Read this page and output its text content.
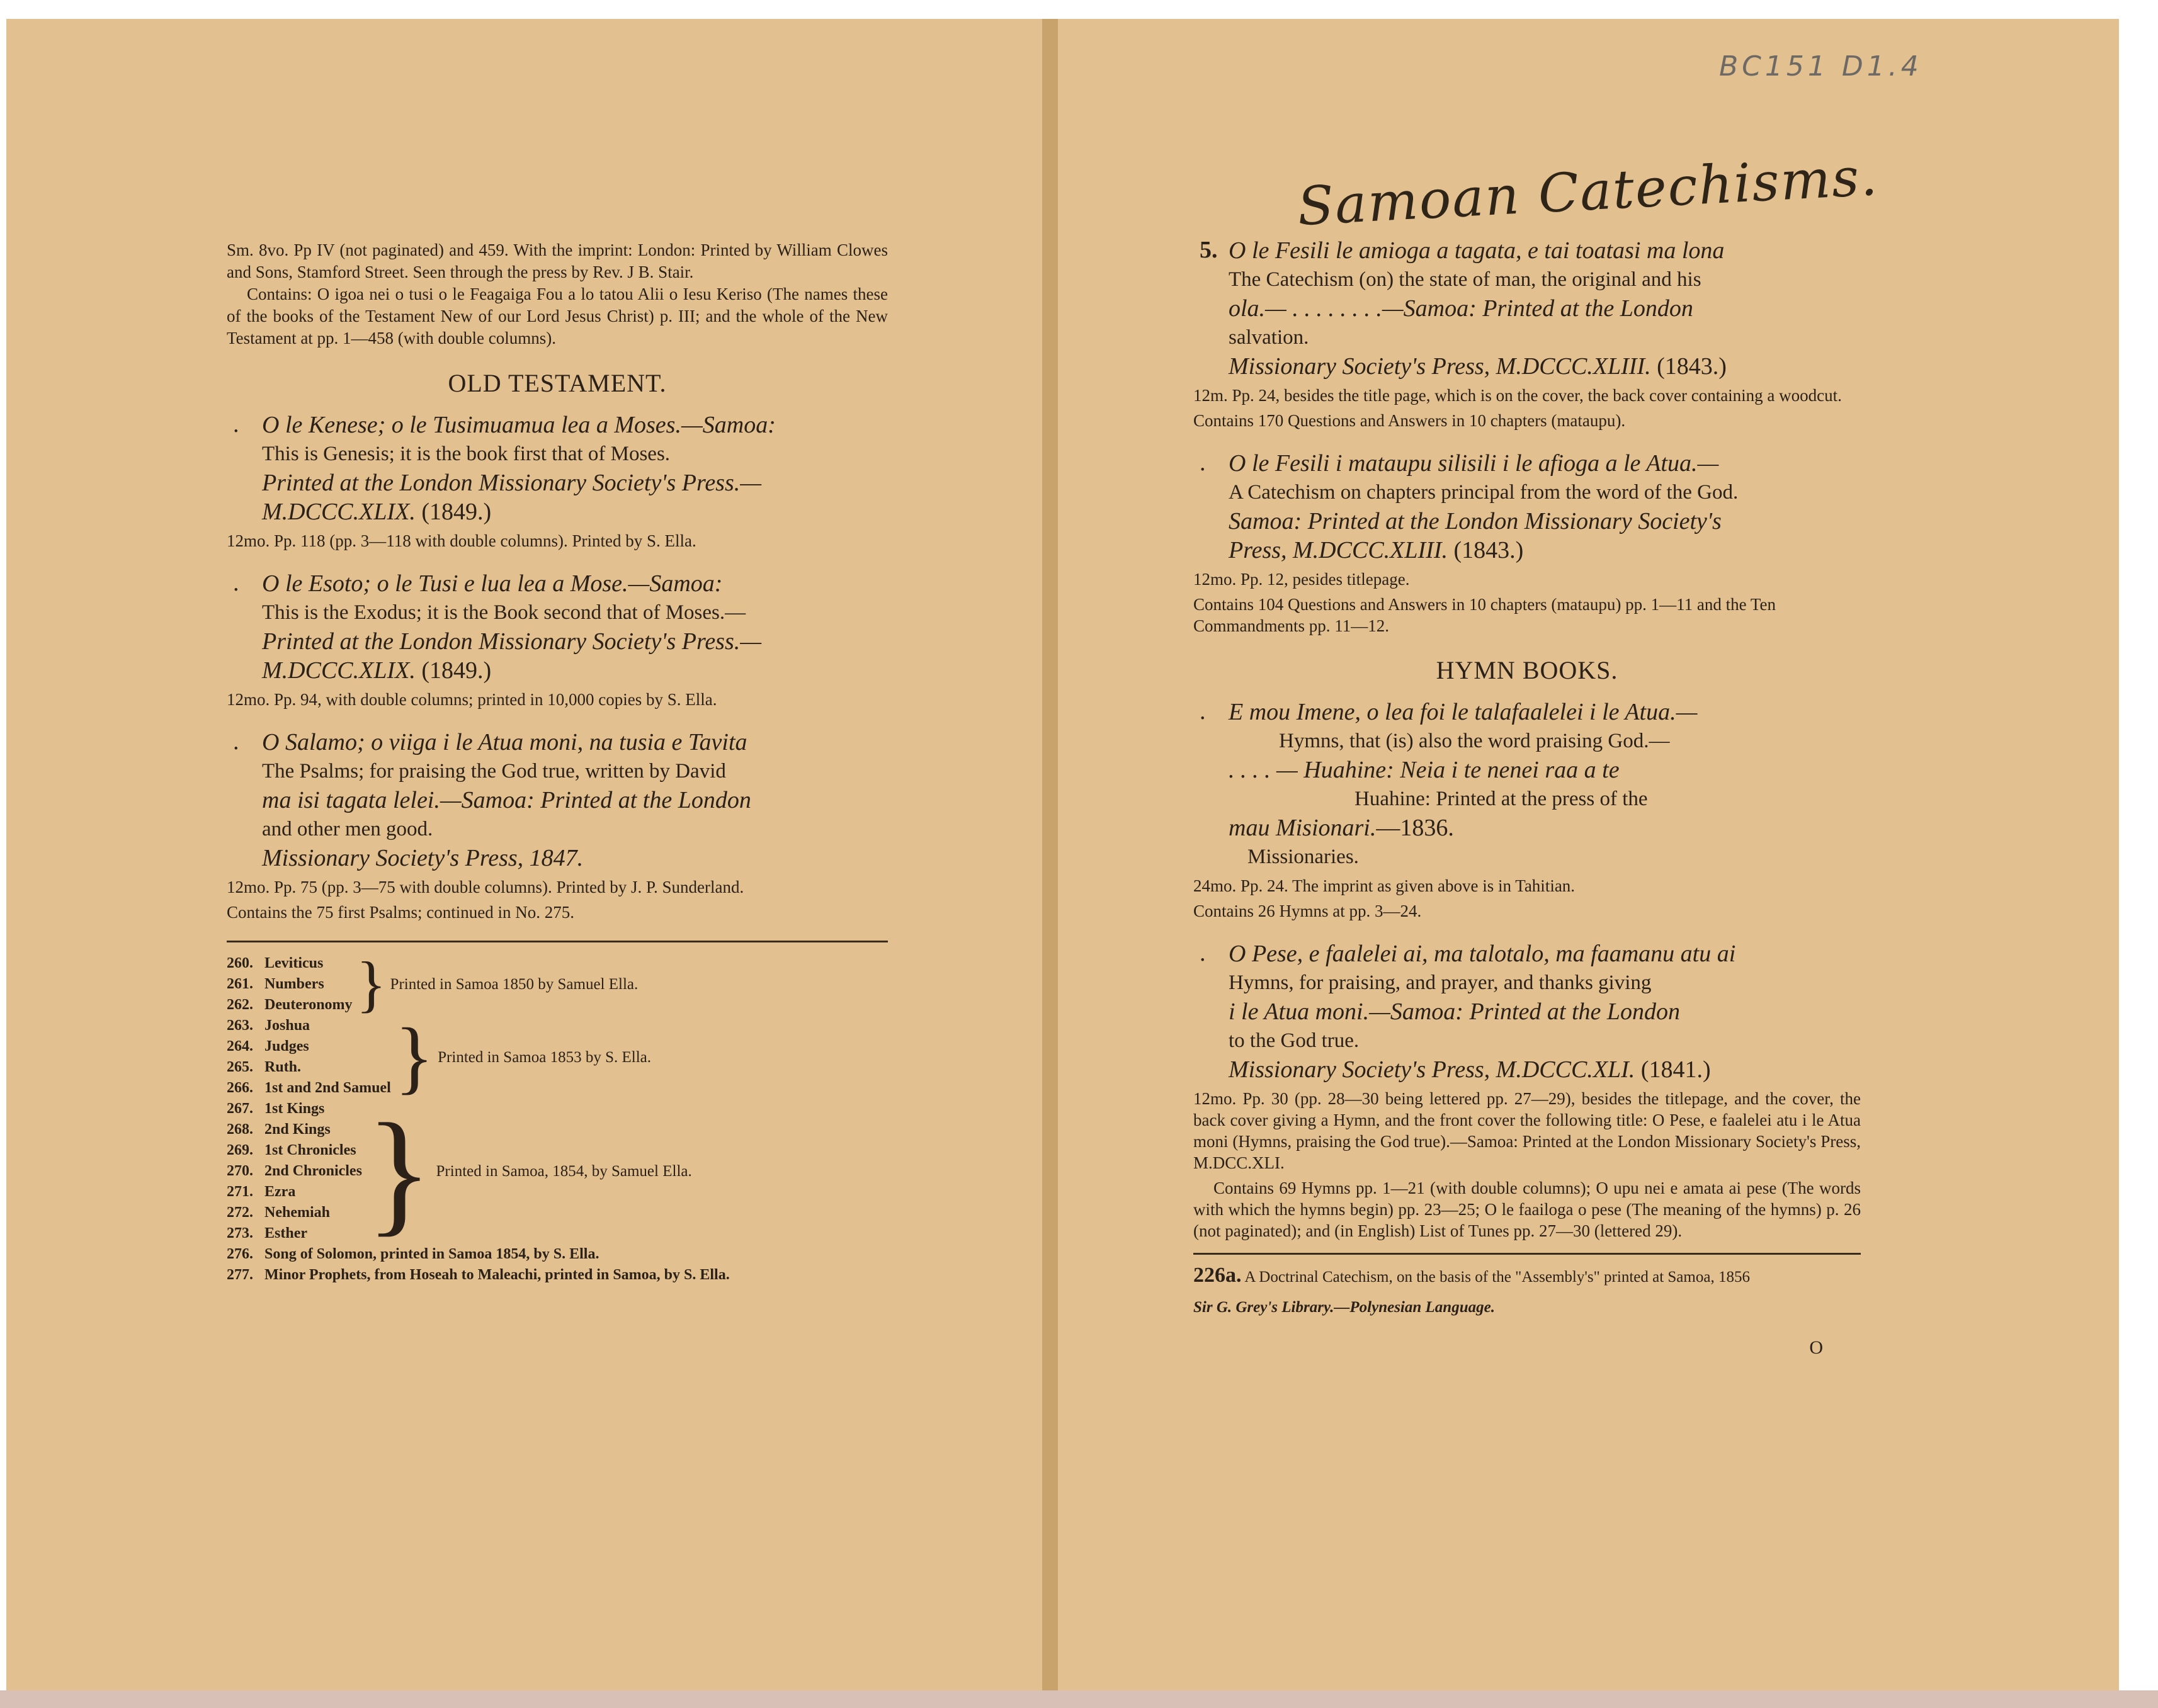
BC151 D1.4
Samoan Catechisms.

Sm. 8vo. Pp IV (not paginated) and 459. With the imprint: London: Printed by William Clowes and Sons, Stamford Street. Seen through the press by Rev. J B. Stair.

Contains: O igoa nei o tusi o le Feagaiga Fou a lo tatou Alii o Iesu Keriso (The names these of the books of the Testament New of our Lord Jesus Christ) p. III; and the whole of the New Testament at pp. 1—458 (with double columns).

OLD TESTAMENT.
. O le Kenese; o le Tusimuamua lea a Moses.—Samoa:

This is Genesis; it is the book first that of Moses.

Printed at the London Missionary Society's Press.—

M.DCCC.XLIX. (1849.)

12mo. Pp. 118 (pp. 3—118 with double columns). Printed by S. Ella.

. O le Esoto; o le Tusi e lua lea a Mose.—Samoa:

This is the Exodus; it is the Book second that of Moses.—

Printed at the London Missionary Society's Press.—

M.DCCC.XLIX. (1849.)

12mo. Pp. 94, with double columns; printed in 10,000 copies by S. Ella.

. O Salamo; o viiga i le Atua moni, na tusia e Tavita

The Psalms; for praising the God true, written by David

ma isi tagata lelei.—Samoa: Printed at the London

and other men good.

Missionary Society's Press, 1847.

12mo. Pp. 75 (pp. 3—75 with double columns). Printed by J. P. Sunderland.

Contains the 75 first Psalms; continued in No. 275.

260. Leviticus
261. Numbers
262. Deuteronomy } Printed in Samoa 1850 by Samuel Ella.
263. Joshua
264. Judges
265. Ruth.
266. 1st and 2nd Samuel } Printed in Samoa 1853 by S. Ella.
267. 1st Kings
268. 2nd Kings
269. 1st Chronicles
270. 2nd Chronicles
271. Ezra
272. Nehemiah
273. Esther } Printed in Samoa, 1854, by Samuel Ella.
276. Song of Solomon, printed in Samoa 1854, by S. Ella.
277. Minor Prophets, from Hoseah to Maleachi, printed in Samoa, by S. Ella.
5. O le Fesili le amioga a tagata, e tai toatasi ma lona

The Catechism (on) the state of man, the original and his

ola.— . . . . . . . .—Samoa: Printed at the London

salvation.

Missionary Society's Press, M.DCCC.XLIII. (1843.)

12m. Pp. 24, besides the title page, which is on the cover, the back cover containing a woodcut.

Contains 170 Questions and Answers in 10 chapters (mataupu).

. O le Fesili i mataupu silisili i le afioga a le Atua.—

A Catechism on chapters principal from the word of the God.

Samoa: Printed at the London Missionary Society's

Press, M.DCCC.XLIII. (1843.)

12mo. Pp. 12, pesides titlepage.

Contains 104 Questions and Answers in 10 chapters (mataupu) pp. 1—11 and the Ten Commandments pp. 11—12.

HYMN BOOKS.
. E mou Imene, o lea foi le talafaalelei i le Atua.—

Hymns, that (is) also the word praising God.—

. . . . — Huahine: Neia i te nenei raa a te

Huahine: Printed at the press of the

mau Misionari.—1836.

Missionaries.

24mo. Pp. 24. The imprint as given above is in Tahitian.

Contains 26 Hymns at pp. 3—24.

. O Pese, e faalelei ai, ma talotalo, ma faamanu atu ai

Hymns, for praising, and prayer, and thanks giving

i le Atua moni.—Samoa: Printed at the London

to the God true.

Missionary Society's Press, M.DCCC.XLI. (1841.)

12mo. Pp. 30 (pp. 28—30 being lettered pp. 27—29), besides the titlepage, and the cover, the back cover giving a Hymn, and the front cover the following title: O Pese, e faalelei atu i le Atua moni (Hymns, praising the God true).—Samoa: Printed at the London Missionary Society's Press, M.DCC.XLI.

Contains 69 Hymns pp. 1—21 (with double columns); O upu nei e amata ai pese (The words with which the hymns begin) pp. 23—25; O le faailoga o pese (The meaning of the hymns) p. 26 (not paginated); and (in English) List of Tunes pp. 27—30 (lettered 29).

226a. A Doctrinal Catechism, on the basis of the "Assembly's" printed at Samoa, 1856

Sir G. Grey's Library.—Polynesian Language.

O
